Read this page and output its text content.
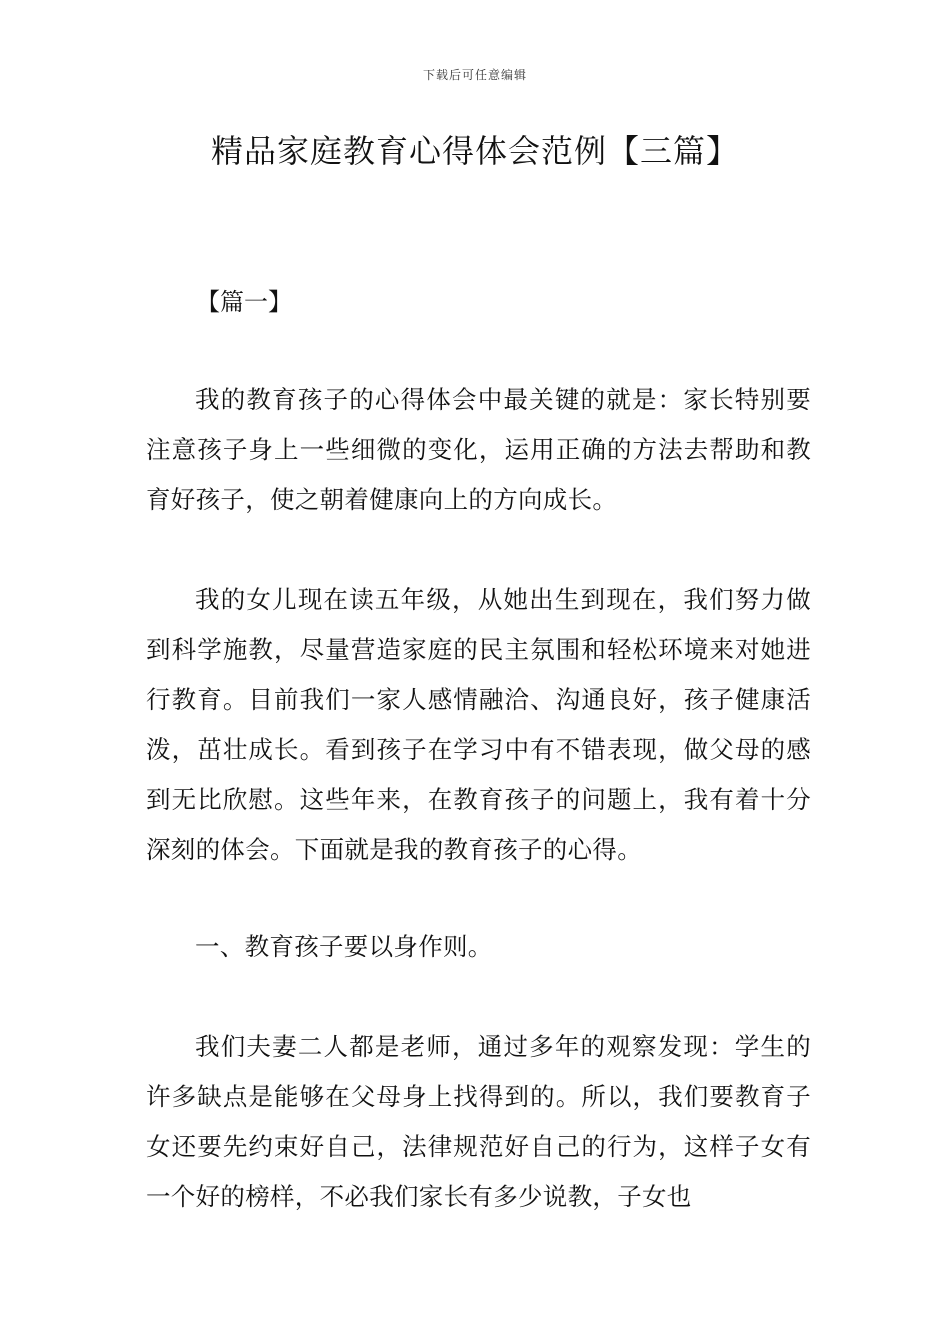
下载后可任意编辑
精品家庭教育心得体会范例【三篇】

【篇一】

我的教育孩子的心得体会中最关键的就是：家长特别要注意孩子身上一些细微的变化，运用正确的方法去帮助和教育好孩子，使之朝着健康向上的方向成长。

我的女儿现在读五年级，从她出生到现在，我们努力做到科学施教，尽量营造家庭的民主氛围和轻松环境来对她进行教育。目前我们一家人感情融洽、沟通良好，孩子健康活泼，茁壮成长。看到孩子在学习中有不错表现，做父母的感到无比欣慰。这些年来，在教育孩子的问题上，我有着十分深刻的体会。下面就是我的教育孩子的心得。

一、教育孩子要以身作则。

我们夫妻二人都是老师，通过多年的观察发现：学生的许多缺点是能够在父母身上找得到的。所以，我们要教育子女还要先约束好自己，法律规范好自己的行为，这样子女有一个好的榜样，不必我们家长有多少说教，子女也
